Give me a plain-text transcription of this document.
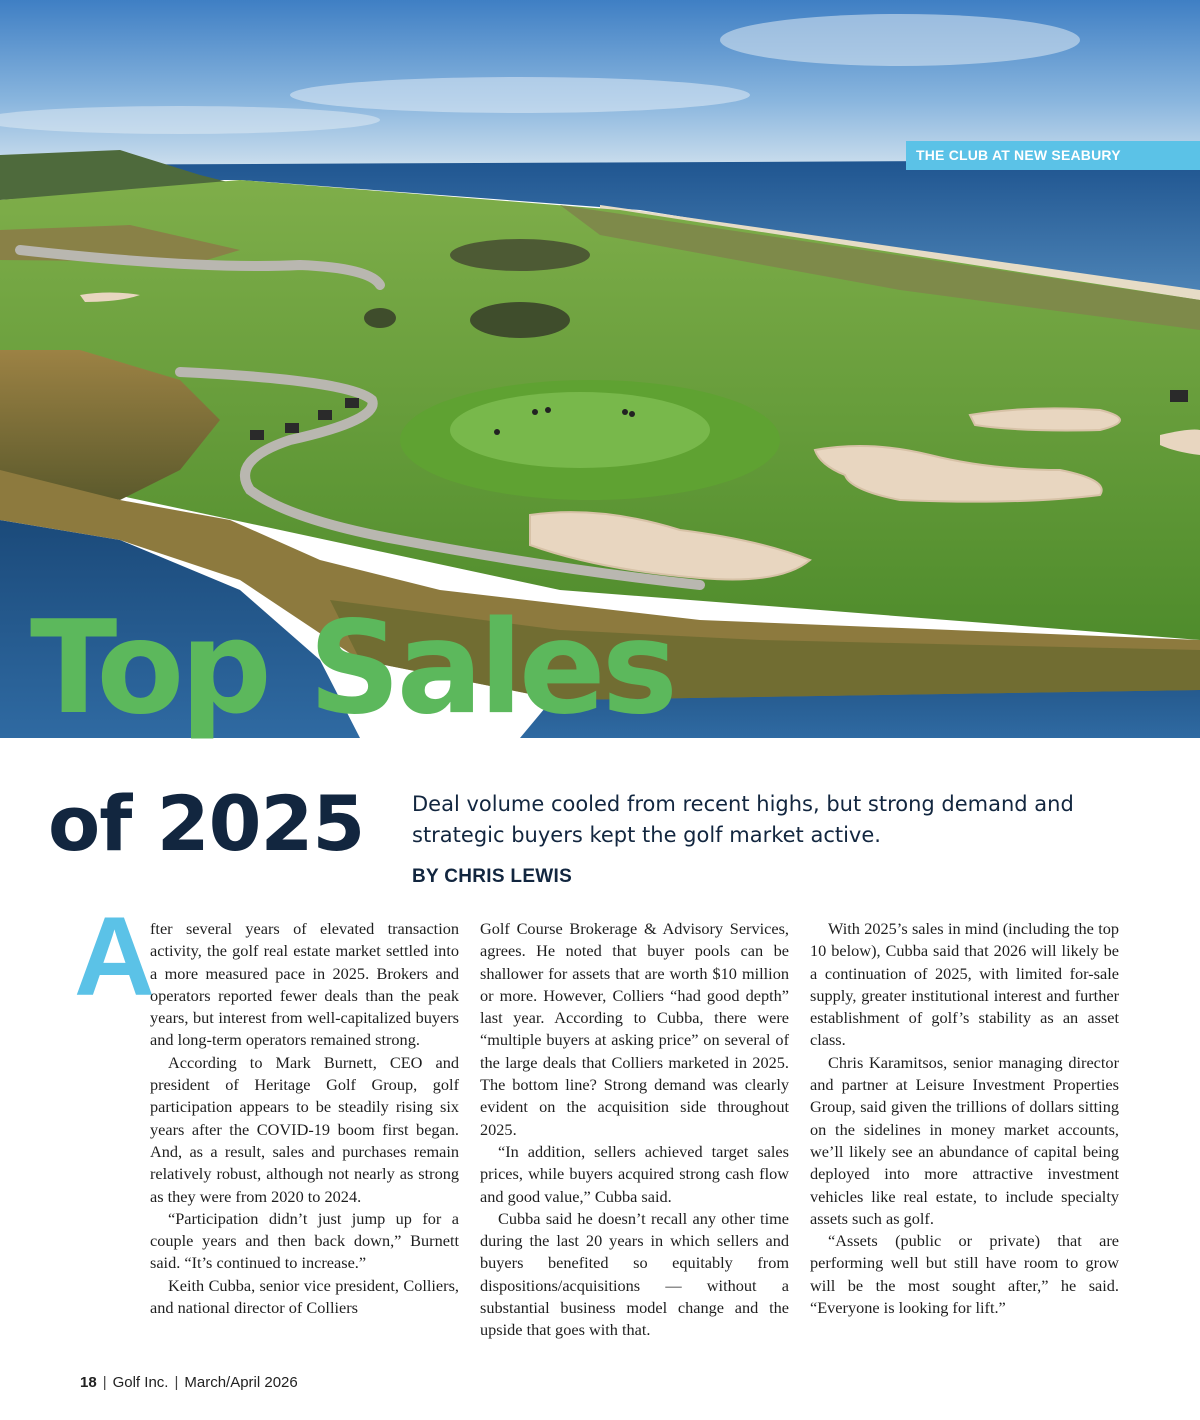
THE CLUB AT NEW SEABURY
Top Sales
of 2025 Deal volume cooled from recent highs, but strong demand and strategic buyers kept the golf market active.
BY CHRIS LEWIS
A

fter several years of elevated transaction activity, the golf real estate market settled into a more measured pace in 2025. Brokers and operators reported fewer deals than the peak years, but interest from well-capitalized buyers and long-term operators remained strong.

According to Mark Burnett, CEO and president of Heritage Golf Group, golf participation appears to be steadily rising six years after the COVID-19 boom first began. And, as a result, sales and purchases remain relatively robust, although not nearly as strong as they were from 2020 to 2024.

“Participation didn’t just jump up for a couple years and then back down,” Burnett said. “It’s continued to increase.”

Keith Cubba, senior vice president, Colliers, and national director of Colliers

Golf Course Brokerage & Advisory Services, agrees. He noted that buyer pools can be shallower for assets that are worth $10 million or more. However, Colliers “had good depth” last year. According to Cubba, there were “multiple buyers at asking price” on several of the large deals that Colliers marketed in 2025. The bottom line? Strong demand was clearly evident on the acquisition side throughout 2025.

“In addition, sellers achieved target sales prices, while buyers acquired strong cash flow and good value,” Cubba said.

Cubba said he doesn’t recall any other time during the last 20 years in which sellers and buyers benefited so equitably from dispositions/acquisitions — without a substantial business model change and the upside that goes with that.

With 2025’s sales in mind (including the top 10 below), Cubba said that 2026 will likely be a continuation of 2025, with limited for-sale supply, greater institutional interest and further establishment of golf’s stability as an asset class.

Chris Karamitsos, senior managing director and partner at Leisure Investment Properties Group, said given the trillions of dollars sitting on the sidelines in money market accounts, we’ll likely see an abundance of capital being deployed into more attractive investment vehicles like real estate, to include specialty assets such as golf.

“Assets (public or private) that are performing well but still have room to grow will be the most sought after,” he said. “Everyone is looking for lift.”

18 | Golf Inc. | March/April 2026
